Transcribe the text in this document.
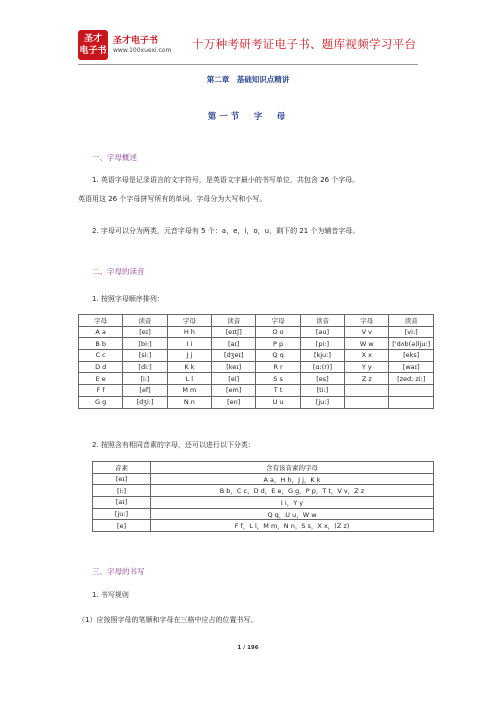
圣才
电子书
圣才电子书
www.100xuexi.com 十万种考研考证电子书、题库视频学习平台
第二章　基础知识点精讲
第一节　字　母
一、字母概述
1. 英语字母是记录语言的文字符号，是英语文字最小的书写单位，共包含 26 个字母。
英语用这 26 个字母拼写所有的单词。字母分为大写和小写。
2. 字母可以分为两类，元音字母有 5 个：a，e，i，o，u，剩下的 21 个为辅音字母。
二、字母的读音
1. 按照字母顺序排列：
字母	读音	字母	读音	字母	读音	字母	读音
A a	[eɪ]	H h	[eɪtʃ]	O o	[əu]	V v	[vi:]
B b	[bi:]	I i	[aɪ]	P p	[pi:]	W w	['dʌb(ə)lju:]
C c	[si:]	J j	[dʒeɪ]	Q q	[kju:]	X x	[eks]
D d	[di:]	K k	[keɪ]	R r	[ɑ:(r)]	Y y	[waɪ]
E e	[i:]	L l	[el]	S s	[es]	Z z	[zed; zi:]
F f	[ef]	M m	[em]	T t	[ti:]		
G g	[dʒi:]	N n	[en]	U u	[ju:]		
2. 按照含有相同音素的字母，还可以进行以下分类：
音素	含有该音素的字母
[eɪ]	A a，H h，J j，K k
[i:]	B b，C c，D d，E e，G g，P p，T t，V v，Z z
[aɪ]	I i，Y y
[ju:]	Q q，U u，W w
[e]	F f，L l，M m，N n，S s，X x，(Z z)
三、字母的书写
1. 书写规则
（1）应按照字母的笔顺和字母在三格中应占的位置书写。
1 / 196
